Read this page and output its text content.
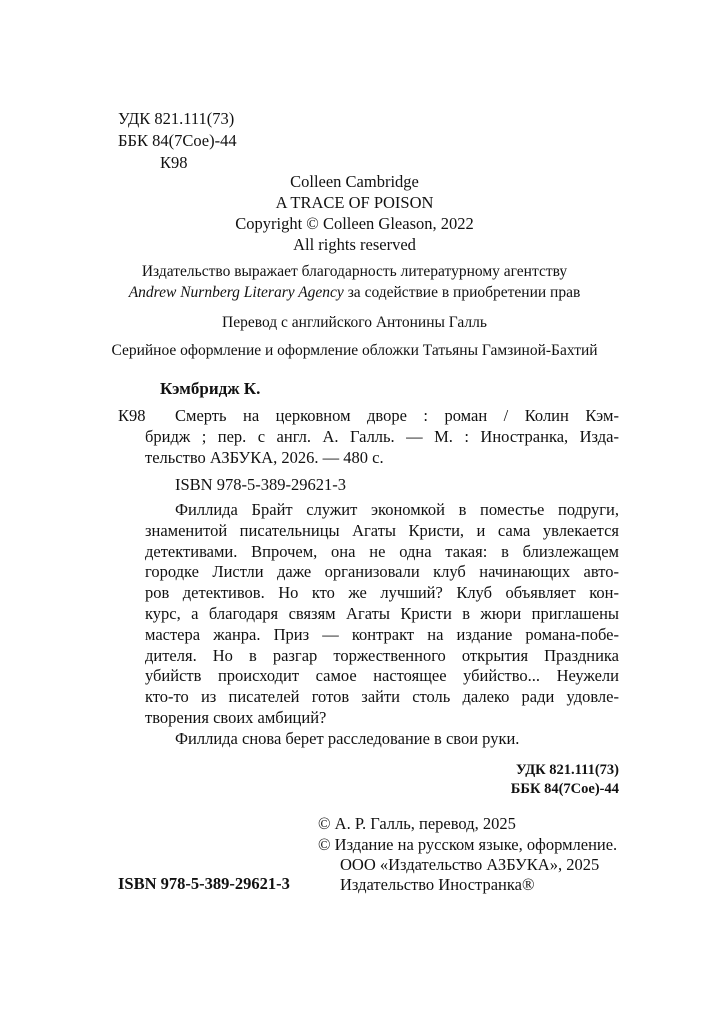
УДК 821.111(73)
ББК 84(7Сое)-44
К98
Colleen Cambridge
A TRACE OF POISON
Copyright © Colleen Gleason, 2022
All rights reserved
Издательство выражает благодарность литературному агентству
Andrew Nurnberg Literary Agency за содействие в приобретении прав
Перевод с английского Антонины Галль
Серийное оформление и оформление обложки Татьяны Гамзиной-Бахтий
Кэмбридж К.
К98 Смерть на церковном дворе : роман / Колин Кэм-
бридж ; пер. с англ. А. Галль. — М. : Иностранка, Изда-
тельство АЗБУКА, 2026. — 480 с.
ISBN 978-5-389-29621-3
Филлида Брайт служит экономкой в поместье подруги,
знаменитой писательницы Агаты Кристи, и сама увлекается
детективами. Впрочем, она не одна такая: в близлежащем
городке Листли даже организовали клуб начинающих авто-
ров детективов. Но кто же лучший? Клуб объявляет кон-
курс, а благодаря связям Агаты Кристи в жюри приглашены
мастера жанра. Приз — контракт на издание романа-побе-
дителя. Но в разгар торжественного открытия Праздника
убийств происходит самое настоящее убийство... Неужели
кто-то из писателей готов зайти столь далеко ради удовле-
творения своих амбиций?
Филлида снова берет расследование в свои руки.
УДК 821.111(73)
ББК 84(7Сое)-44
© А. Р. Галль, перевод, 2025
© Издание на русском языке, оформление.
ООО «Издательство АЗБУКА», 2025
Издательство Иностранка®
ISBN 978-5-389-29621-3
